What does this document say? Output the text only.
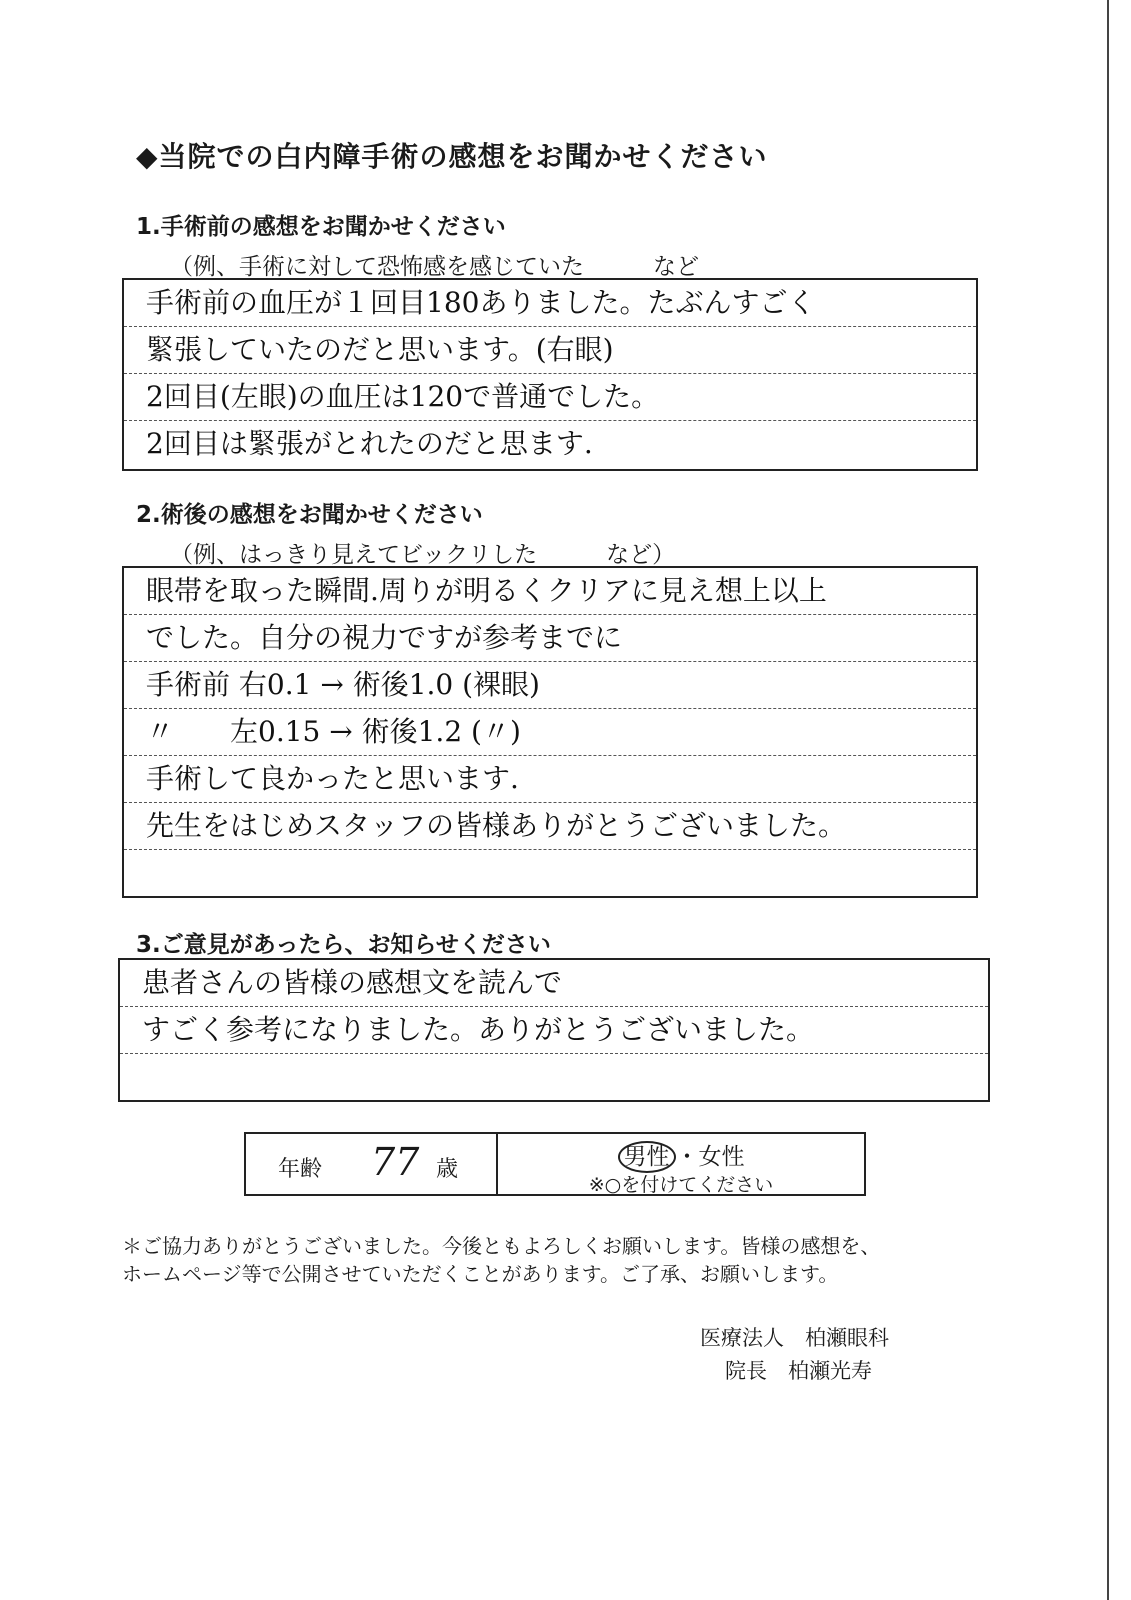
◆当院での白内障手術の感想をお聞かせください
1.手術前の感想をお聞かせください
（例、手術に対して恐怖感を感じていた　　　など
手術前の血圧が１回目180ありました。たぶんすごく
緊張していたのだと思います。(右眼)
2回目(左眼)の血圧は120で普通でした。
2回目は緊張がとれたのだと思ます.
2.術後の感想をお聞かせください
（例、はっきり見えてビックリした　　　など）
眼帯を取った瞬間.周りが明るくクリアに見え想上以上
でした。自分の視力ですが参考までに
手術前 右0.1 → 術後1.0 (裸眼)
〃　　左0.15 → 術後1.2 (〃)
手術して良かったと思います.
先生をはじめスタッフの皆様ありがとうございました。
3.ご意見があったら、お知らせください
患者さんの皆様の感想文を読んで
すごく参考になりました。ありがとうございました。
年齢 77 歳	男性 ・女性
※○を付けてください
＊ご協力ありがとうございました。今後ともよろしくお願いします。皆様の感想を、
ホームページ等で公開させていただくことがあります。ご了承、お願いします。
医療法人　柏瀬眼科
院長　柏瀬光寿
